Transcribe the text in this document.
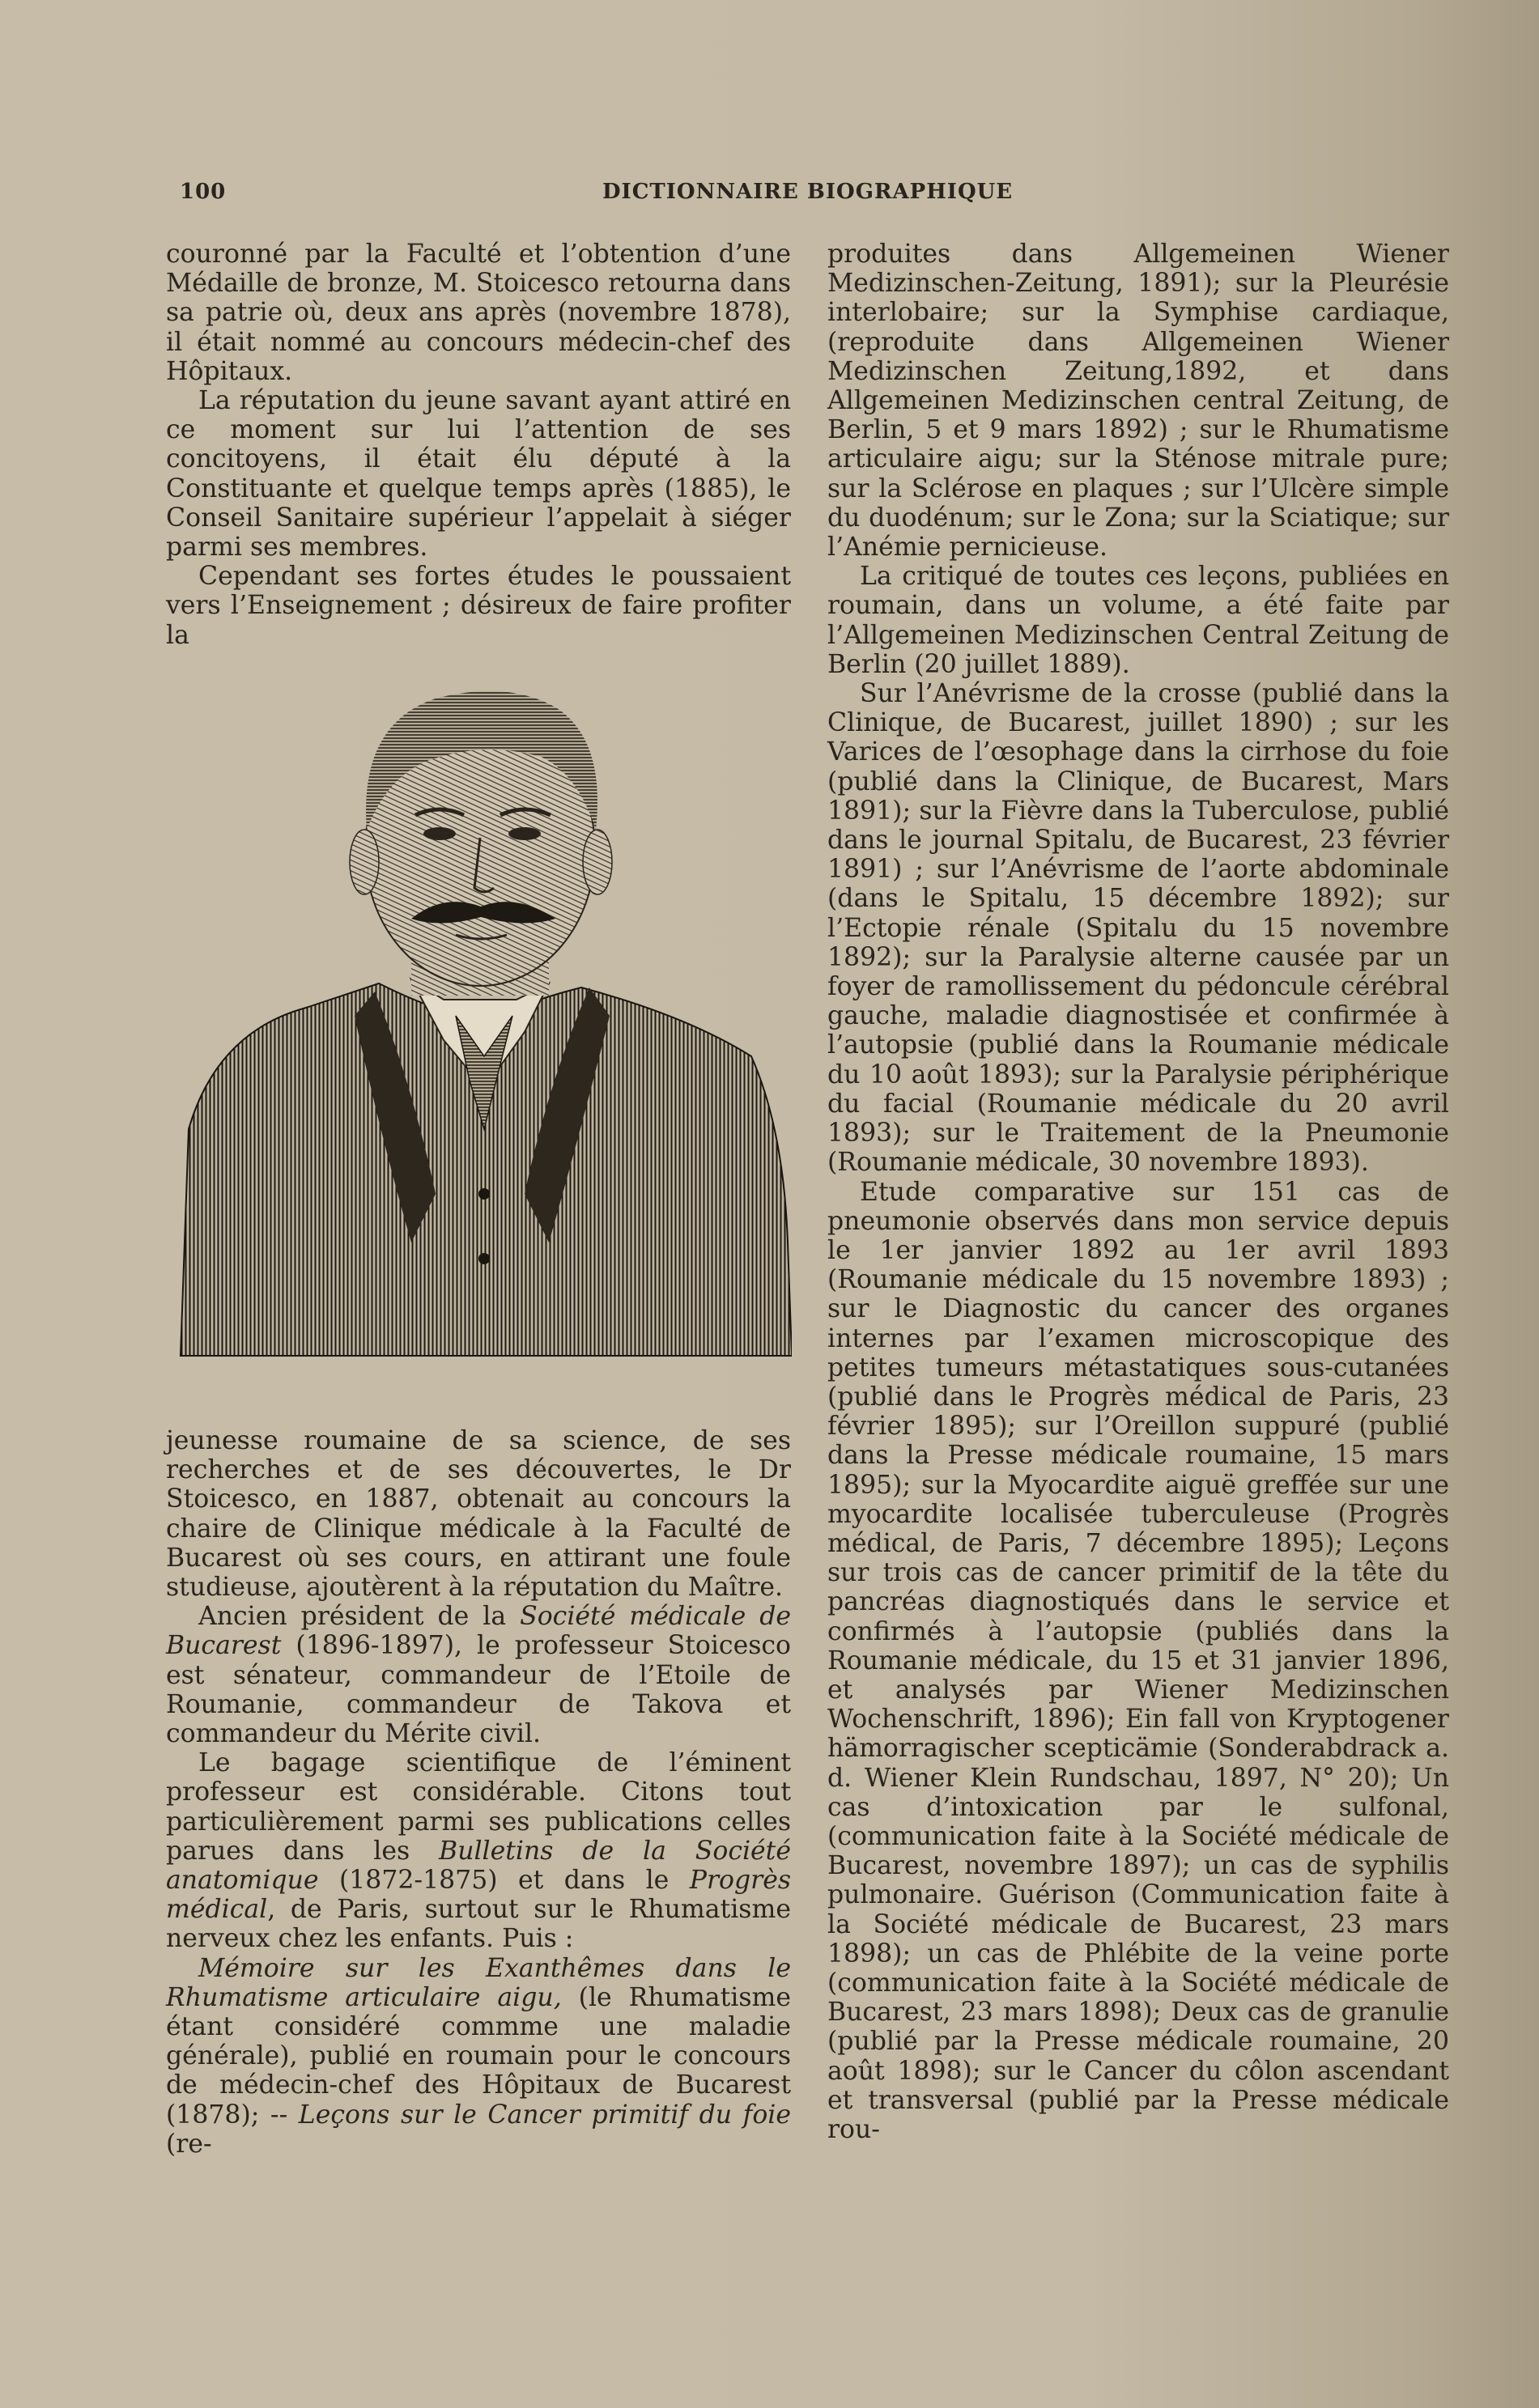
100	DICTIONNAIRE BIOGRAPHIQUE

couronné par la Faculté et l’obtention d’une Médaille de bronze, M. Stoicesco retourna dans sa patrie où, deux ans après (novembre 1878), il était nommé au concours médecin-chef des Hôpitaux.

La réputation du jeune savant ayant attiré en ce moment sur lui l’attention de ses concitoyens, il était élu député à la Constituante et quelque temps après (1885), le Conseil Sanitaire supérieur l’appelait à siéger parmi ses membres.

Cependant ses fortes études le poussaient vers l’Enseignement ; désireux de faire profiter la

jeunesse roumaine de sa science, de ses recherches et de ses découvertes, le Dr Stoicesco, en 1887, obtenait au concours la chaire de Clinique médicale à la Faculté de Bucarest où ses cours, en attirant une foule studieuse, ajoutèrent à la réputation du Maître.

Ancien président de la Société médicale de Bucarest (1896-1897), le professeur Stoicesco est sénateur, commandeur de l’Etoile de Roumanie, commandeur de Takova et commandeur du Mérite civil.

Le bagage scientifique de l’éminent professeur est considérable. Citons tout particulièrement parmi ses publications celles parues dans les Bulletins de la Société anatomique (1872-1875) et dans le Progrès médical, de Paris, surtout sur le Rhumatisme nerveux chez les enfants. Puis :

Mémoire sur les Exanthêmes dans le Rhumatisme articulaire aigu, (le Rhumatisme étant considéré commme une maladie générale), publié en roumain pour le concours de médecin-chef des Hôpitaux de Bucarest (1878); -- Leçons sur le Cancer primitif du foie (re-

produites dans Allgemeinen Wiener Medizinschen-Zeitung, 1891); sur la Pleurésie interlobaire; sur la Symphise cardiaque, (reproduite dans Allgemeinen Wiener Medizinschen Zeitung,1892, et dans Allgemeinen Medizinschen central Zeitung, de Berlin, 5 et 9 mars 1892) ; sur le Rhumatisme articulaire aigu; sur la Sténose mitrale pure; sur la Sclérose en plaques ; sur l’Ulcère simple du duodénum; sur le Zona; sur la Sciatique; sur l’Anémie pernicieuse.

La critiqué de toutes ces leçons, publiées en roumain, dans un volume, a été faite par l’Allgemeinen Medizinschen Central Zeitung de Berlin (20 juillet 1889).

Sur l’Anévrisme de la crosse (publié dans la Clinique, de Bucarest, juillet 1890) ; sur les Varices de l’œsophage dans la cirrhose du foie (publié dans la Clinique, de Bucarest, Mars 1891); sur la Fièvre dans la Tuberculose, publié dans le journal Spitalu, de Bucarest, 23 février 1891) ; sur l’Anévrisme de l’aorte abdominale (dans le Spitalu, 15 décembre 1892); sur l’Ectopie rénale (Spitalu du 15 novembre 1892); sur la Paralysie alterne causée par un foyer de ramollissement du pédoncule cérébral gauche, maladie diagnostisée et confirmée à l’autopsie (publié dans la Roumanie médicale du 10 août 1893); sur la Paralysie périphérique du facial (Roumanie médicale du 20 avril 1893); sur le Traitement de la Pneumonie (Roumanie médicale, 30 novembre 1893).

Etude comparative sur 151 cas de pneumonie observés dans mon service depuis le 1er janvier 1892 au 1er avril 1893 (Roumanie médicale du 15 novembre 1893) ; sur le Diagnostic du cancer des organes internes par l’examen microscopique des petites tumeurs métastatiques sous-cutanées (publié dans le Progrès médical de Paris, 23 février 1895); sur l’Oreillon suppuré (publié dans la Presse médicale roumaine, 15 mars 1895); sur la Myocardite aiguë greffée sur une myocardite localisée tuberculeuse (Progrès médical, de Paris, 7 décembre 1895); Leçons sur trois cas de cancer primitif de la tête du pancréas diagnostiqués dans le service et confirmés à l’autopsie (publiés dans la Roumanie médicale, du 15 et 31 janvier 1896, et analysés par Wiener Medizinschen Wochenschrift, 1896); Ein fall von Kryptogener hämorragischer scepticämie (Sonderabdrack a. d. Wiener Klein Rundschau, 1897, N° 20); Un cas d’intoxication par le sulfonal, (communication faite à la Société médicale de Bucarest, novembre 1897); un cas de syphilis pulmonaire. Guérison (Communication faite à la Société médicale de Bucarest, 23 mars 1898); un cas de Phlébite de la veine porte (communication faite à la Société médicale de Bucarest, 23 mars 1898); Deux cas de granulie (publié par la Presse médicale roumaine, 20 août 1898); sur le Cancer du côlon ascendant et transversal (publié par la Presse médicale rou-
